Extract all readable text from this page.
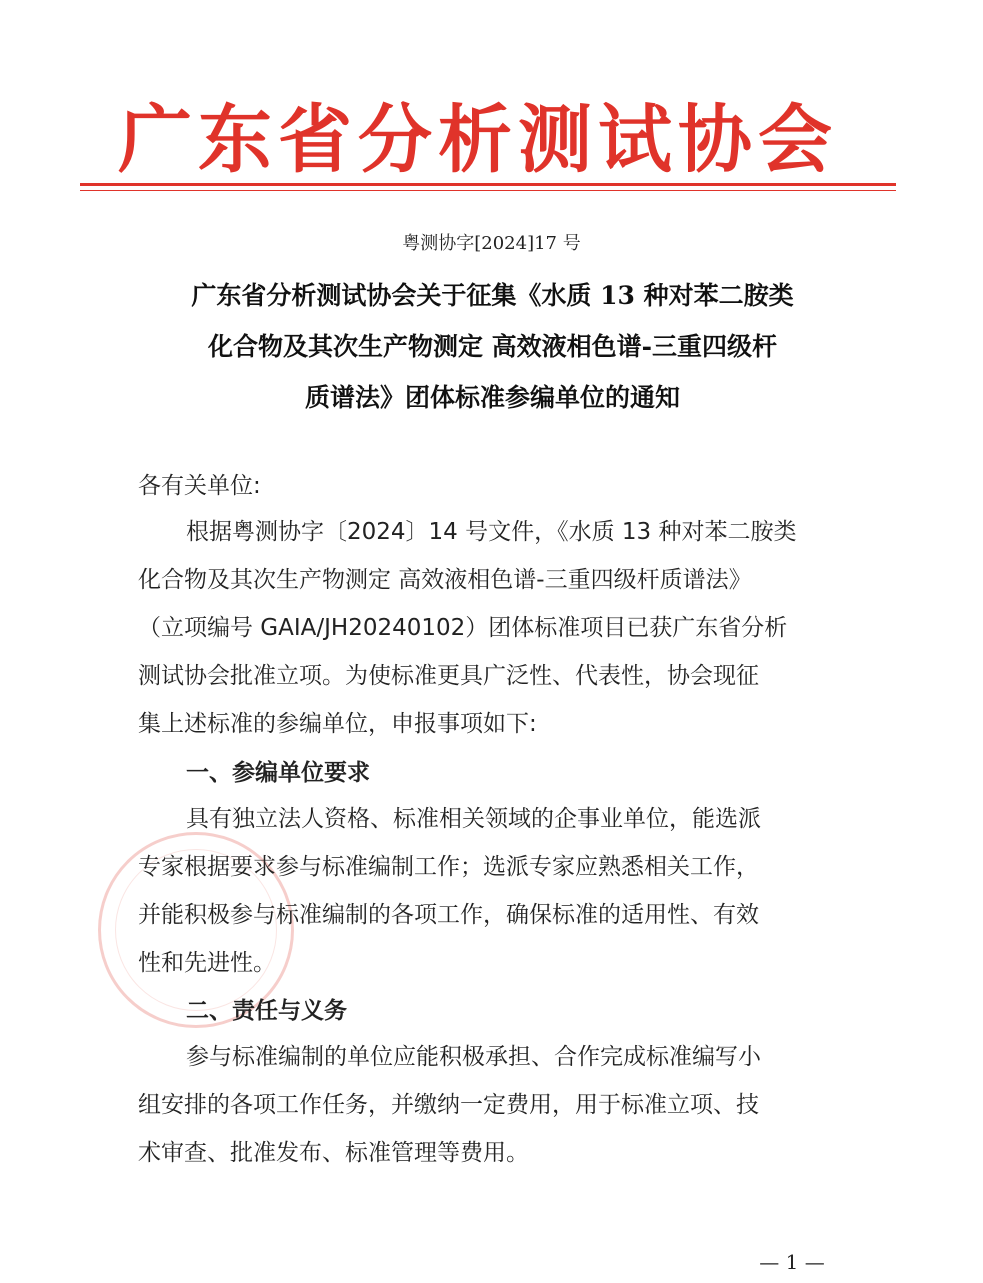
广东省分析测试协会
粤测协字[2024]17 号
广东省分析测试协会关于征集《水质 13 种对苯二胺类
化合物及其次生产物测定 高效液相色谱-三重四级杆
质谱法》团体标准参编单位的通知
各有关单位:
根据粤测协字〔2024〕14 号文件，《水质 13 种对苯二胺类
化合物及其次生产物测定 高效液相色谱-三重四级杆质谱法》
（立项编号 GAIA/JH20240102）团体标准项目已获广东省分析
测试协会批准立项。为使标准更具广泛性、代表性，协会现征
集上述标准的参编单位，申报事项如下:
一、参编单位要求
具有独立法人资格、标准相关领域的企事业单位，能选派
专家根据要求参与标准编制工作；选派专家应熟悉相关工作，
并能积极参与标准编制的各项工作，确保标准的适用性、有效
性和先进性。
二、责任与义务
参与标准编制的单位应能积极承担、合作完成标准编写小
组安排的各项工作任务，并缴纳一定费用，用于标准立项、技
术审查、批准发布、标准管理等费用。
— 1 —
